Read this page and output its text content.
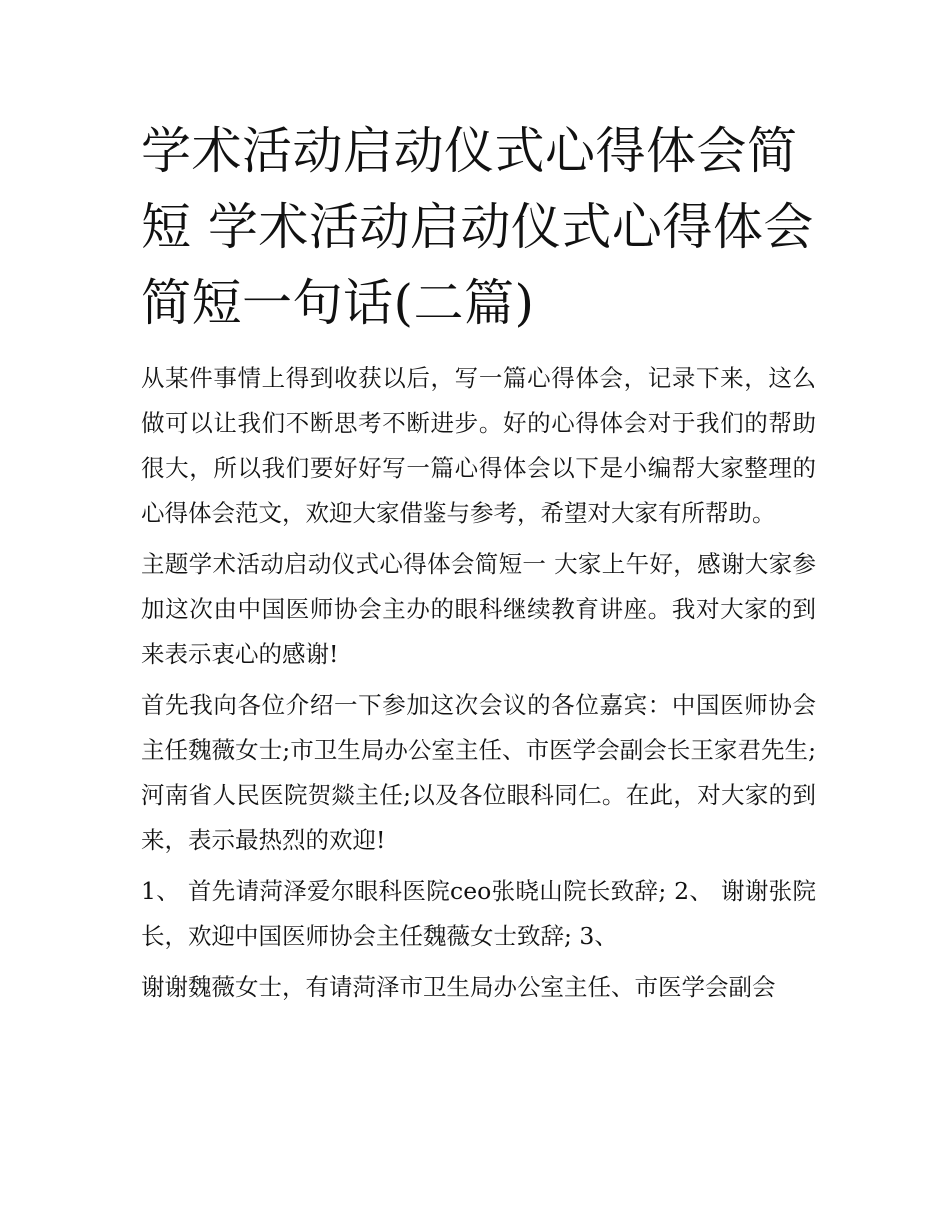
学术活动启动仪式心得体会简短 学术活动启动仪式心得体会简短一句话(二篇)

从某件事情上得到收获以后，写一篇心得体会，记录下来，这么做可以让我们不断思考不断进步。好的心得体会对于我们的帮助很大，所以我们要好好写一篇心得体会以下是小编帮大家整理的心得体会范文，欢迎大家借鉴与参考，希望对大家有所帮助。

主题学术活动启动仪式心得体会简短一 大家上午好，感谢大家参加这次由中国医师协会主办的眼科继续教育讲座。我对大家的到来表示衷心的感谢!

首先我向各位介绍一下参加这次会议的各位嘉宾：中国医师协会主任魏薇女士;市卫生局办公室主任、市医学会副会长王家君先生;河南省人民医院贺燚主任;以及各位眼科同仁。在此，对大家的到来，表示最热烈的欢迎!

1、 首先请菏泽爱尔眼科医院ceo张晓山院长致辞; 2、 谢谢张院长，欢迎中国医师协会主任魏薇女士致辞; 3、

谢谢魏薇女士，有请菏泽市卫生局办公室主任、市医学会副会
